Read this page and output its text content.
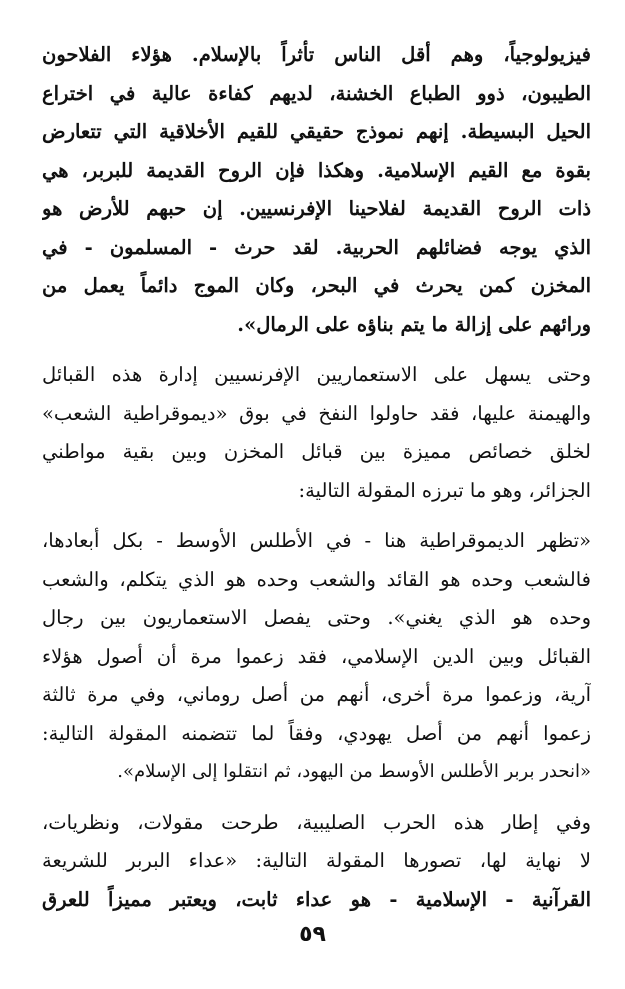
فيزيولوجياً، وهم أقل الناس تأثراً بالإسلام. هؤلاء الفلاحون
الطيبون، ذوو الطباع الخشنة، لديهم كفاءة عالية في اختراع
الحيل البسيطة. إنهم نموذج حقيقي للقيم الأخلاقية التي تتعارض
بقوة مع القيم الإسلامية. وهكذا فإن الروح القديمة للبربر، هي
ذات الروح القديمة لفلاحينا الإفرنسيين. إن حبهم للأرض هو
الذي يوجه فضائلهم الحربية. لقد حرث - المسلمون - في
المخزن كمن يحرث في البحر، وكان الموج دائماً يعمل من
ورائهم على إزالة ما يتم بناؤه على الرمال».
وحتى يسهل على الاستعماريين الإفرنسيين إدارة هذه القبائل
والهيمنة عليها، فقد حاولوا النفخ في بوق «ديموقراطية الشعب»
لخلق خصائص مميزة بين قبائل المخزن وبين بقية مواطني
الجزائر، وهو ما تبرزه المقولة التالية:
«تظهر الديموقراطية هنا - في الأطلس الأوسط - بكل أبعادها،
فالشعب وحده هو القائد والشعب وحده هو الذي يتكلم، والشعب
وحده هو الذي يغني». وحتى يفصل الاستعماريون بين رجال
القبائل وبين الدين الإسلامي، فقد زعموا مرة أن أصول هؤلاء
آرية، وزعموا مرة أخرى، أنهم من أصل روماني، وفي مرة ثالثة
زعموا أنهم من أصل يهودي، وفقاً لما تتضمنه المقولة التالية:
«انحدر بربر الأطلس الأوسط من اليهود، ثم انتقلوا إلى الإسلام».
وفي إطار هذه الحرب الصليبية، طرحت مقولات، ونظريات،
لا نهاية لها، تصورها المقولة التالية: «عداء البربر للشريعة
القرآنية - الإسلامية - هو عداء ثابت، ويعتبر مميزاً للعرق
٥٩
